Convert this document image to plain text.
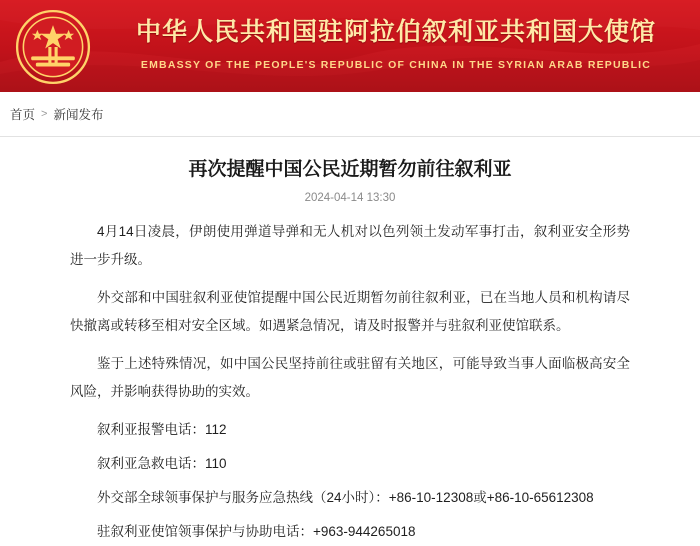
中华人民共和国驻阿拉伯叙利亚共和国大使馆
EMBASSY OF THE PEOPLE'S REPUBLIC OF CHINA IN THE SYRIAN ARAB REPUBLIC
首页 > 新闻发布
再次提醒中国公民近期暂勿前往叙利亚
2024-04-14 13:30

4月14日凌晨，伊朗使用弹道导弹和无人机对以色列领土发动军事打击，叙利亚安全形势进一步升级。

外交部和中国驻叙利亚使馆提醒中国公民近期暂勿前往叙利亚，已在当地人员和机构请尽快撤离或转移至相对安全区域。如遇紧急情况，请及时报警并与驻叙利亚使馆联系。

鉴于上述特殊情况，如中国公民坚持前往或驻留有关地区，可能导致当事人面临极高安全风险，并影响获得协助的实效。

叙利亚报警电话：112

叙利亚急救电话：110

外交部全球领事保护与服务应急热线（24小时）：+86-10-12308或+86-10-65612308

驻叙利亚使馆领事保护与协助电话：+963-944265018
